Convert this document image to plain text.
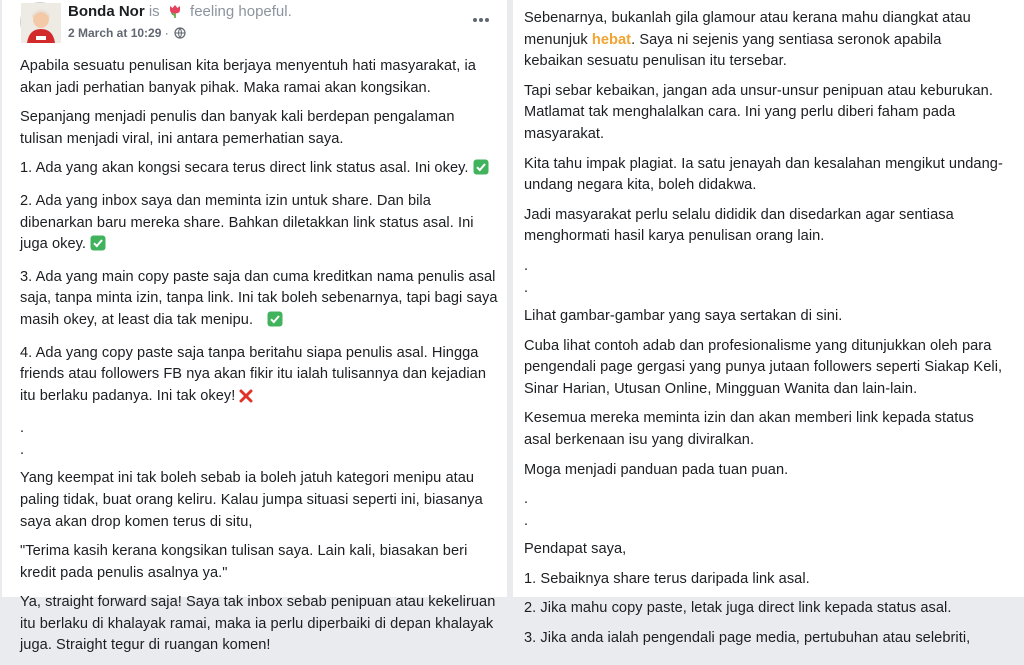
Bonda Nor is feeling hopeful.
2 March at 10:29 ·

Apabila sesuatu penulisan kita berjaya menyentuh hati masyarakat, ia akan jadi perhatian banyak pihak. Maka ramai akan kongsikan.

Sepanjang menjadi penulis dan banyak kali berdepan pengalaman tulisan menjadi viral, ini antara pemerhatian saya.

1. Ada yang akan kongsi secara terus direct link status asal. Ini okey.

2. Ada yang inbox saya dan meminta izin untuk share. Dan bila dibenarkan baru mereka share. Bahkan diletakkan link status asal. Ini juga okey.

3. Ada yang main copy paste saja dan cuma kreditkan nama penulis asal saja, tanpa minta izin, tanpa link. Ini tak boleh sebenarnya, tapi bagi saya masih okey, at least dia tak menipu.

4. Ada yang copy paste saja tanpa beritahu siapa penulis asal. Hingga friends atau followers FB nya akan fikir itu ialah tulisannya dan kejadian itu berlaku padanya. Ini tak okey!

.

.

Yang keempat ini tak boleh sebab ia boleh jatuh kategori menipu atau paling tidak, buat orang keliru. Kalau jumpa situasi seperti ini, biasanya saya akan drop komen terus di situ,

"Terima kasih kerana kongsikan tulisan saya. Lain kali, biasakan beri kredit pada penulis asalnya ya."

Ya, straight forward saja! Saya tak inbox sebab penipuan atau kekeliruan itu berlaku di khalayak ramai, maka ia perlu diperbaiki di depan khalayak juga. Straight tegur di ruangan komen!

Sebenarnya, bukanlah gila glamour atau kerana mahu diangkat atau menunjuk hebat. Saya ni sejenis yang sentiasa seronok apabila kebaikan sesuatu penulisan itu tersebar.

Tapi sebar kebaikan, jangan ada unsur-unsur penipuan atau keburukan. Matlamat tak menghalalkan cara. Ini yang perlu diberi faham pada masyarakat.

Kita tahu impak plagiat. Ia satu jenayah dan kesalahan mengikut undang-undang negara kita, boleh didakwa.

Jadi masyarakat perlu selalu dididik dan disedarkan agar sentiasa menghormati hasil karya penulisan orang lain.

.

.

Lihat gambar-gambar yang saya sertakan di sini.

Cuba lihat contoh adab dan profesionalisme yang ditunjukkan oleh para pengendali page gergasi yang punya jutaan followers seperti Siakap Keli, Sinar Harian, Utusan Online, Mingguan Wanita dan lain-lain.

Kesemua mereka meminta izin dan akan memberi link kepada status asal berkenaan isu yang diviralkan.

Moga menjadi panduan pada tuan puan.

.

.

Pendapat saya,

1. Sebaiknya share terus daripada link asal.

2. Jika mahu copy paste, letak juga direct link kepada status asal.

3. Jika anda ialah pengendali page media, pertubuhan atau selebriti,
